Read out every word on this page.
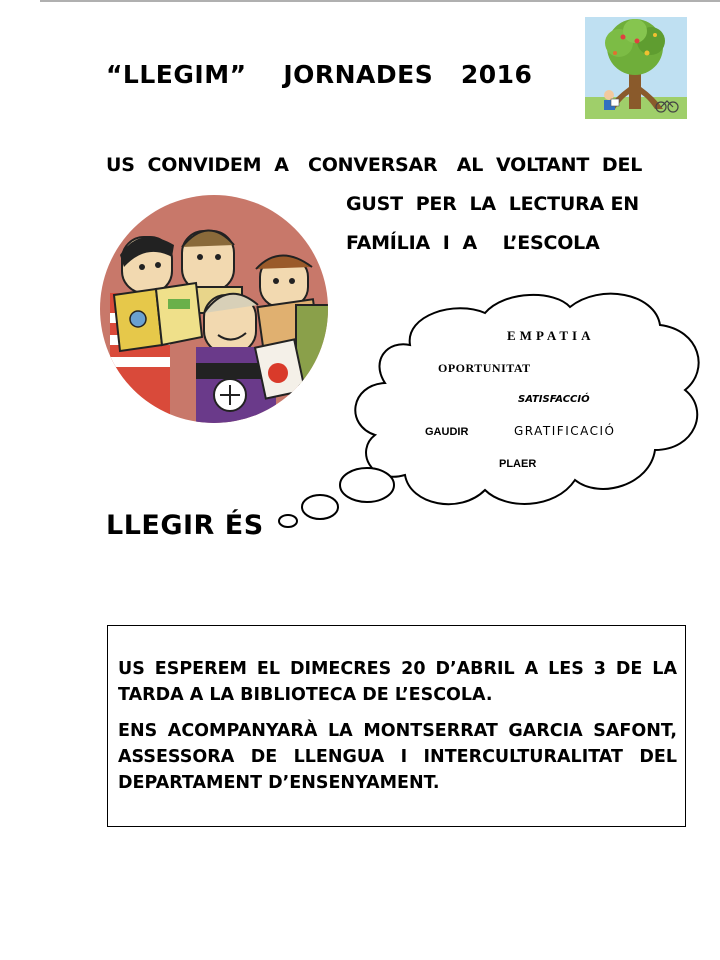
“LLEGIM”    JORNADES   2016
US  CONVIDEM  A   CONVERSAR   AL  VOLTANT  DEL
GUST  PER  LA  LECTURA EN
FAMÍLIA  I  A    L’ESCOLA
EMPATIA
OPORTUNITAT
SATISFACCIÓ
GAUDIR	GRATIFICACIÓ
PLAER
LLEGIR ÉS

US ESPEREM EL DIMECRES 20 D’ABRIL A LES 3 DE LA TARDA A LA BIBLIOTECA DE L’ESCOLA.

ENS ACOMPANYARÀ LA MONTSERRAT GARCIA SAFONT, ASSESSORA DE LLENGUA I INTERCULTURALITAT DEL DEPARTAMENT D’ENSENYAMENT.
